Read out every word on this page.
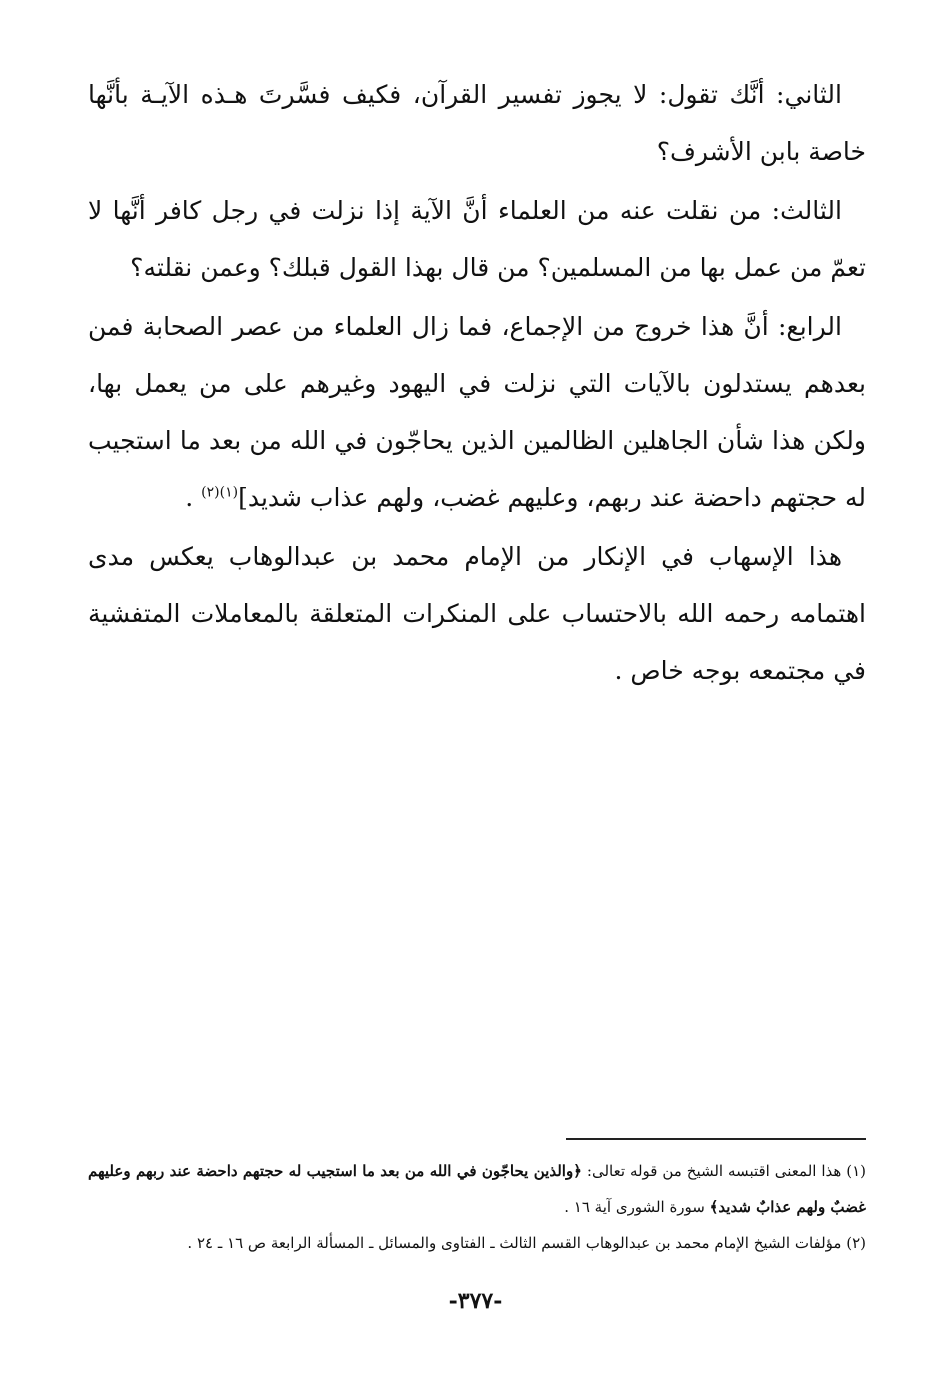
الثاني: أنَّك تقول: لا يجوز تفسير القرآن، فكيف فسَّرتَ هـذه الآيـة بأنَّها خاصة بابن الأشرف؟

الثالث: من نقلت عنه من العلماء أنَّ الآية إذا نزلت في رجل كافر أنَّها لا تعمّ من عمل بها من المسلمين؟ من قال بهذا القول قبلك؟ وعمن نقلته؟

الرابع: أنَّ هذا خروج من الإجماع، فما زال العلماء من عصر الصحابة فمن بعدهم يستدلون بالآيات التي نزلت في اليهود وغيرهم على من يعمل بها، ولكن هذا شأن الجاهلين الظالمين الذين يحاجّون في الله من بعد ما استجيب له حجتهم داحضة عند ربهم، وعليهم غضب، ولهم عذاب شديد]$^{(١)(٢)}$ .

هذا الإسهاب في الإنكار من الإمام محمد بن عبدالوهاب يعكس مدى اهتمامه رحمه الله بالاحتساب على المنكرات المتعلقة بالمعاملات المتفشية في مجتمعه بوجه خاص .

(١) هذا المعنى اقتبسه الشيخ من قوله تعالى: ﴿والذين يحاجّون في الله من بعد ما استجيب له حجتهم داحضة عند ربهم وعليهم غضبٌ ولهم عذابٌ شديد﴾ سورة الشورى آية ١٦ .

(٢) مؤلفات الشيخ الإمام محمد بن عبدالوهاب القسم الثالث ـ الفتاوى والمسائل ـ المسألة الرابعة ص ١٦ ـ ٢٤ .

-٣٧٧-
